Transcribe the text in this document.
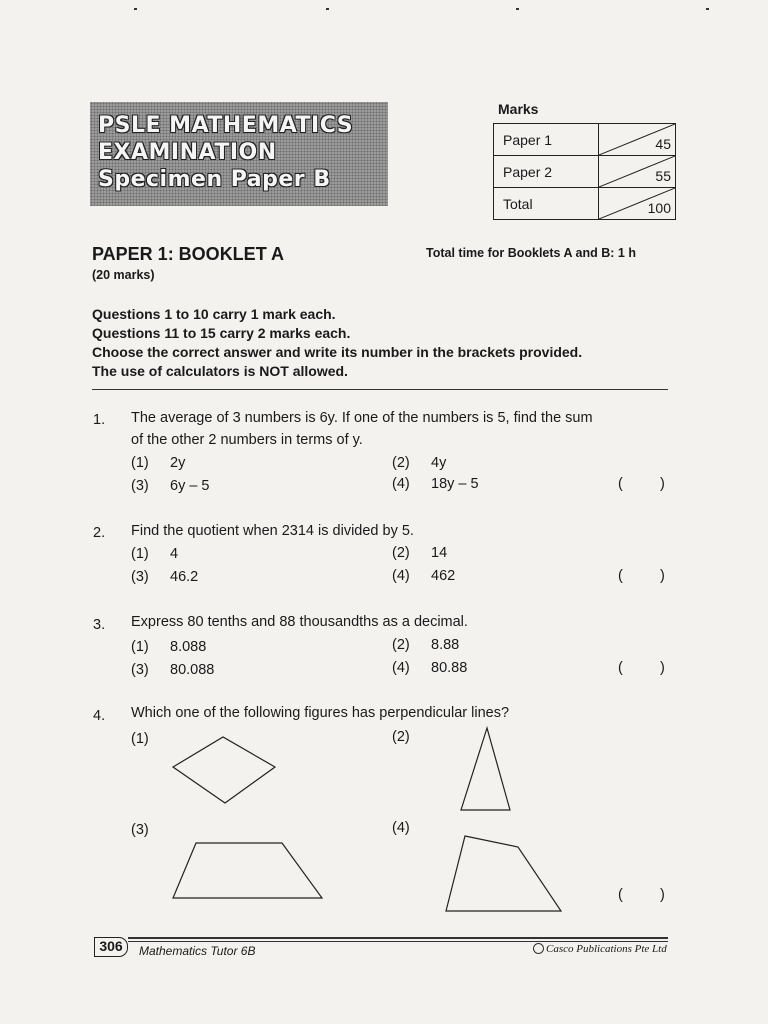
PSLE MATHEMATICS
EXAMINATION
Specimen Paper B
Marks
Paper 1	45

Paper 2	55

Total	100
PAPER 1: BOOKLET A
(20 marks)
Total time for Booklets A and B: 1 h
Questions 1 to 10 carry 1 mark each.
Questions 11 to 15 carry 2 marks each.
Choose the correct answer and write its number in the brackets provided.
The use of calculators is NOT allowed.
1. The average of 3 numbers is 6y. If one of the numbers is 5, find the sum
of the other 2 numbers in terms of y.
(1) 2y	(2) 4y
(3) 6y – 5	(4) 18y – 5	(	)
2. Find the quotient when 2314 is divided by 5.
(1) 4	(2) 14
(3) 46.2	(4) 462	(	)
3. Express 80 tenths and 88 thousandths as a decimal.
(1) 8.088	(2) 8.88
(3) 80.088	(4) 80.88	(	)
4. Which one of the following figures has perpendicular lines?
(1)	(2)
(3)	(4)
(	)
306	Mathematics Tutor 6B	Casco Publications Pte Ltd
